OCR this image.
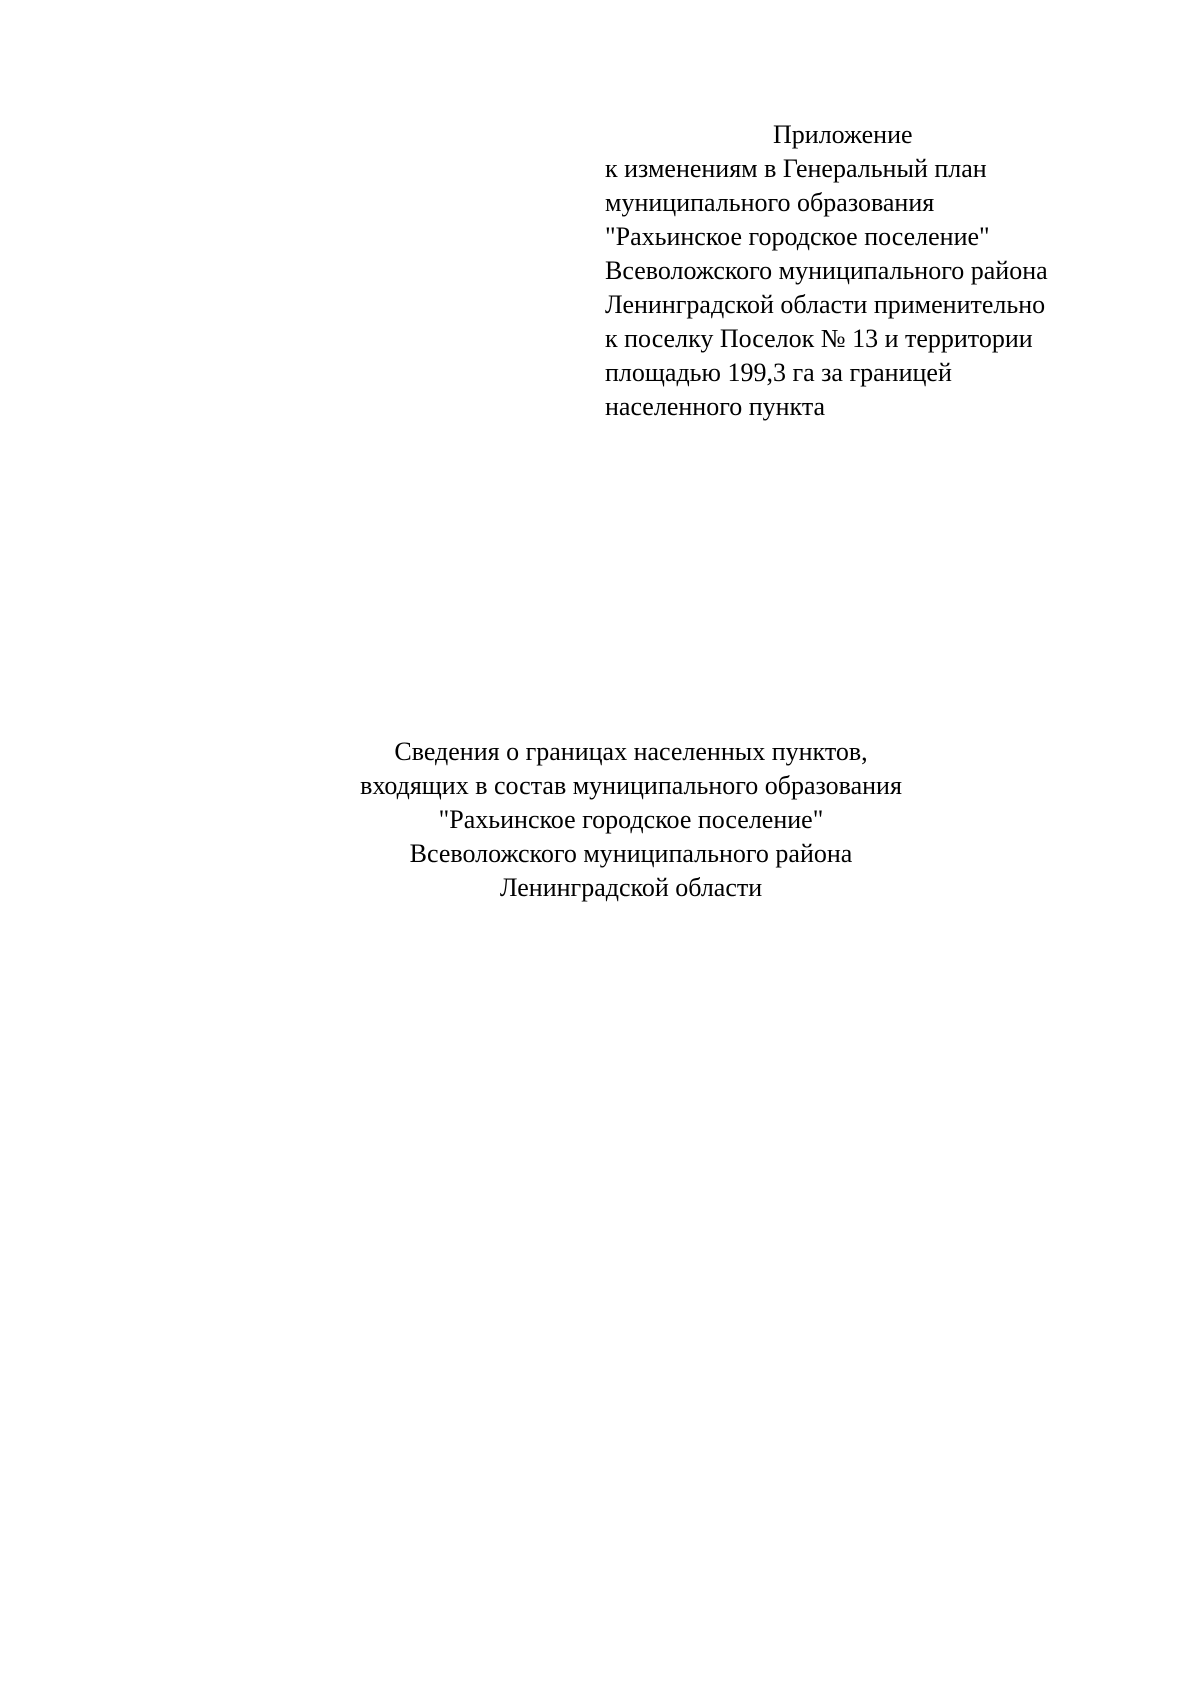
Приложение
к изменениям в Генеральный план
муниципального образования
"Рахьинское городское поселение"
Всеволожского муниципального района
Ленинградской области применительно
к поселку Поселок № 13 и территории
площадью 199,3 га за границей
населенного пункта
Сведения о границах населенных пунктов,
входящих в состав муниципального образования
"Рахьинское городское поселение"
Всеволожского муниципального района
Ленинградской области
